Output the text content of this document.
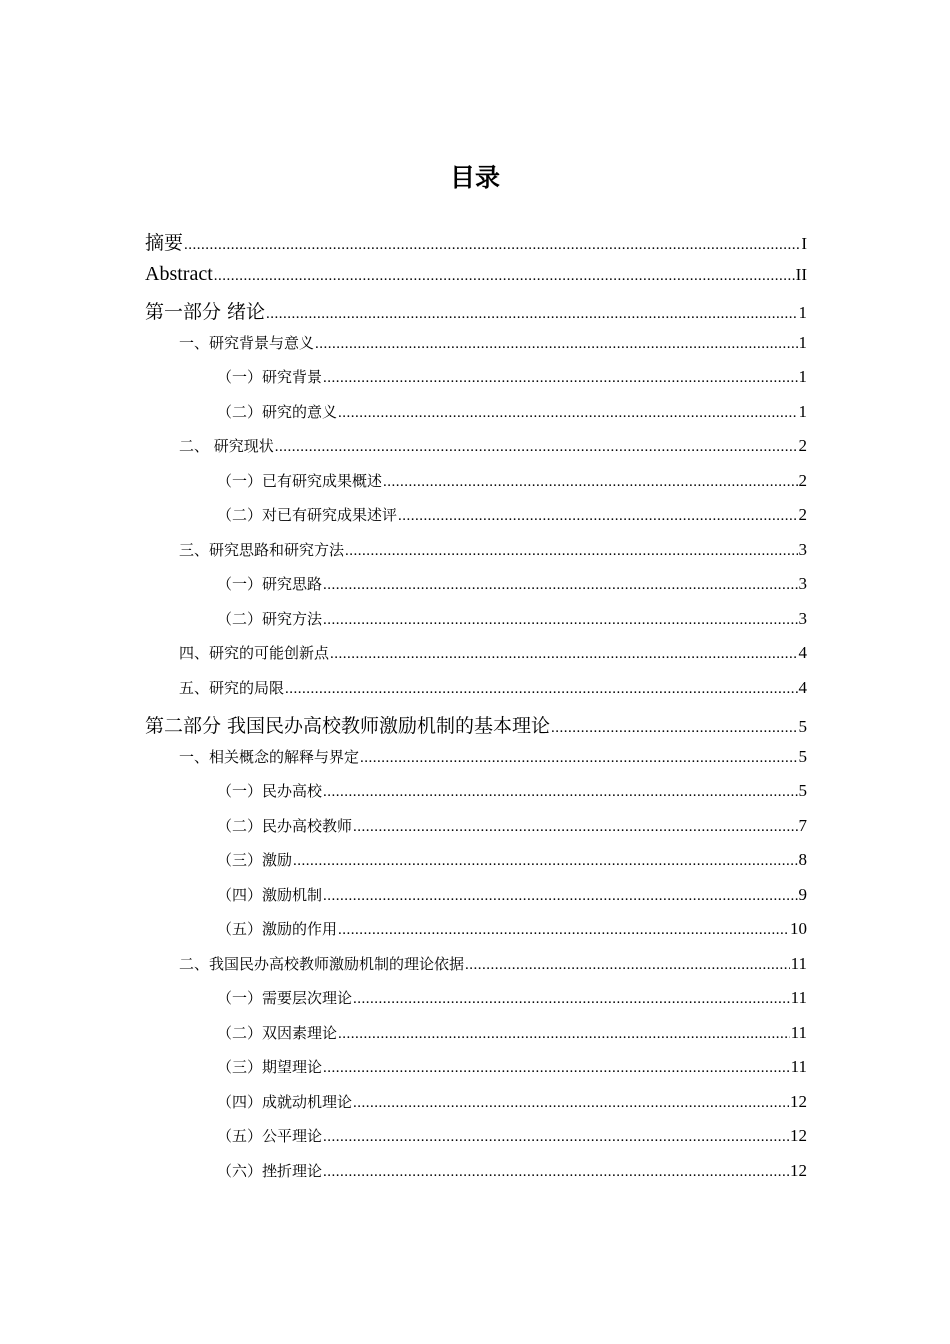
目录
摘要 .....	I
Abstract .....	II
第一部分 绪论 .....	1
一、研究背景与意义 .....	1
（一）研究背景 .....	1
（二）研究的意义 .....	1
二、 研究现状 .....	2
（一）已有研究成果概述 .....	2
（二）对已有研究成果述评 .....	2
三、研究思路和研究方法 .....	3
（一）研究思路 .....	3
（二）研究方法 .....	3
四、研究的可能创新点 .....	4
五、研究的局限 .....	4
第二部分 我国民办高校教师激励机制的基本理论 .....	5
一、相关概念的解释与界定 .....	5
（一）民办高校 .....	5
（二）民办高校教师 .....	7
（三）激励 .....	8
（四）激励机制 .....	9
（五）激励的作用 .....	10
二、我国民办高校教师激励机制的理论依据 .....	11
（一）需要层次理论 .....	11
（二）双因素理论 .....	11
（三）期望理论 .....	11
（四）成就动机理论 .....	12
（五）公平理论 .....	12
（六）挫折理论 .....	12
